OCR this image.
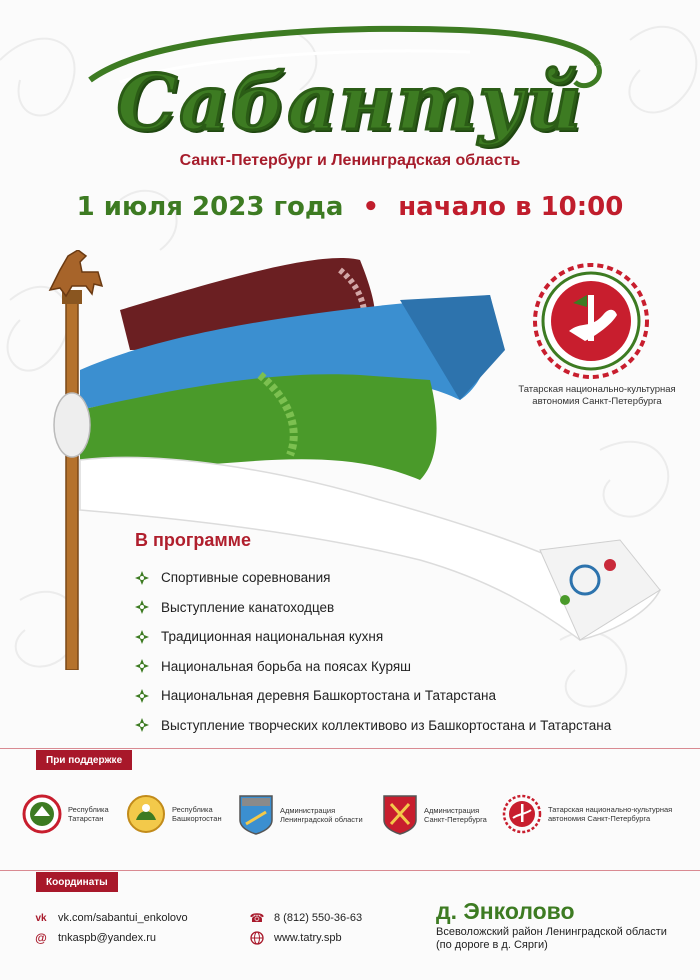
Сабантуй
Санкт-Петербург и Ленинградская область
1 июля 2023 года • начало в 10:00
Татарская национально-культурная
автономия Санкт-Петербурга
В программе
Спортивные соревнования
Выступление канатоходцев
Традиционная национальная кухня
Национальная борьба на поясах Куряш
Национальная деревня Башкортостана и Татарстана
Выступление творческих коллективово из Башкортостана и Татарстана
При поддержке
Республика
Татарстан
Республика
Башкортостан
Администрация
Ленинградской области
Администрация
Санкт-Петербурга
Татарская национально-культурная
автономия Санкт-Петербурга
Координаты
vk vk.com/sabantui_enkolovo
@ tnkaspb@yandex.ru
☎ 8 (812) 550-36-63
www.tatry.spb
д. Энколово
Всеволожский район Ленинградской области
(по дороге в д. Сярги)
